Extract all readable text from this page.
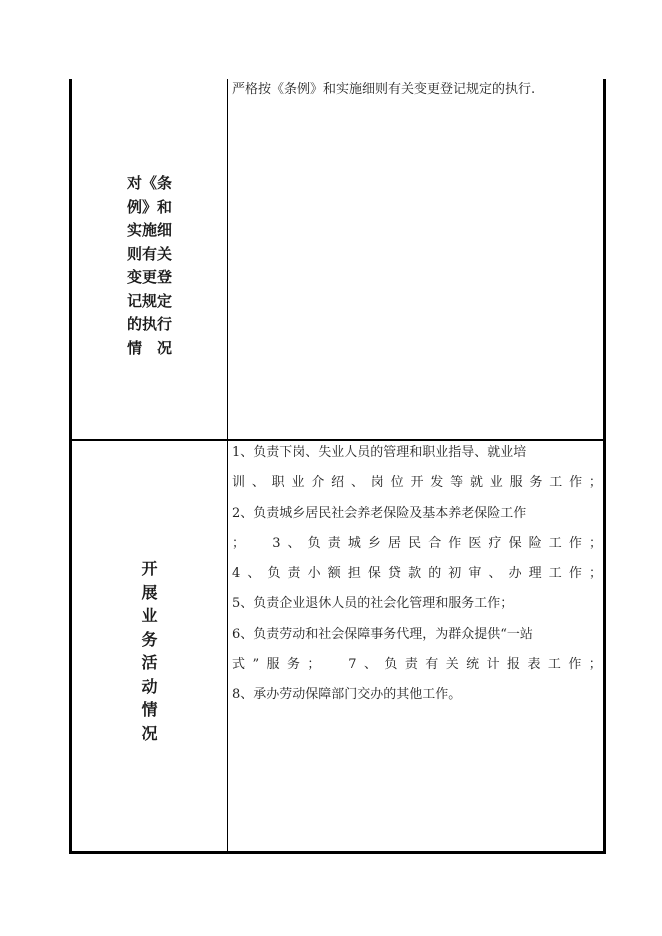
对《条
例》和
实施细
则有关
变更登
记规定
的执行
情　况
严格按《条例》和实施细则有关变更登记规定的执行.
开
展
业
务
活
动
情
况
1、负责下岗、失业人员的管理和职业指导、就业培
训 、 职 业 介 绍 、 岗 位 开 发 等 就 业 服 务 工 作 ；
2、负责城乡居民社会养老保险及基本养老保险工作
；
　 3 、 负 责 城 乡 居 民 合 作 医 疗 保 险 工 作 ；
4 、 负 责 小 额 担 保 贷 款 的 初 审 、 办 理 工 作 ；
5、负责企业退休人员的社会化管理和服务工作；
6、负责劳动和社会保障事务代理，为群众提供“一站
式 ” 服 务 ；
　 7 、 负 责 有 关 统 计 报 表 工 作 ；
8、承办劳动保障部门交办的其他工作。
